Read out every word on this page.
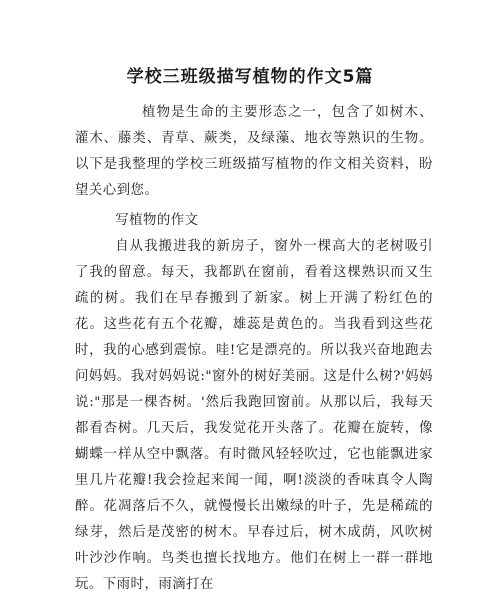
学校三班级描写植物的作文5篇

植物是生命的主要形态之一，包含了如树木、灌木、藤类、青草、蕨类，及绿藻、地衣等熟识的生物。以下是我整理的学校三班级描写植物的作文相关资料，盼望关心到您。

写植物的作文

自从我搬进我的新房子，窗外一棵高大的老树吸引了我的留意。每天，我都趴在窗前，看着这棵熟识而又生疏的树。我们在早春搬到了新家。树上开满了粉红色的花。这些花有五个花瓣，雄蕊是黄色的。当我看到这些花时，我的心感到震惊。哇!它是漂亮的。所以我兴奋地跑去问妈妈。我对妈妈说:"窗外的树好美丽。这是什么树?'妈妈说:"那是一棵杏树。'然后我跑回窗前。从那以后，我每天都看杏树。几天后，我发觉花开头落了。花瓣在旋转，像蝴蝶一样从空中飘落。有时微风轻轻吹过，它也能飘进家里几片花瓣!我会捡起来闻一闻，啊!淡淡的香味真令人陶醉。花凋落后不久，就慢慢长出嫩绿的叶子，先是稀疏的绿芽，然后是茂密的树木。早春过后，树木成荫，风吹树叶沙沙作响。鸟类也擅长找地方。他们在树上一群一群地玩。下雨时，雨滴打在
